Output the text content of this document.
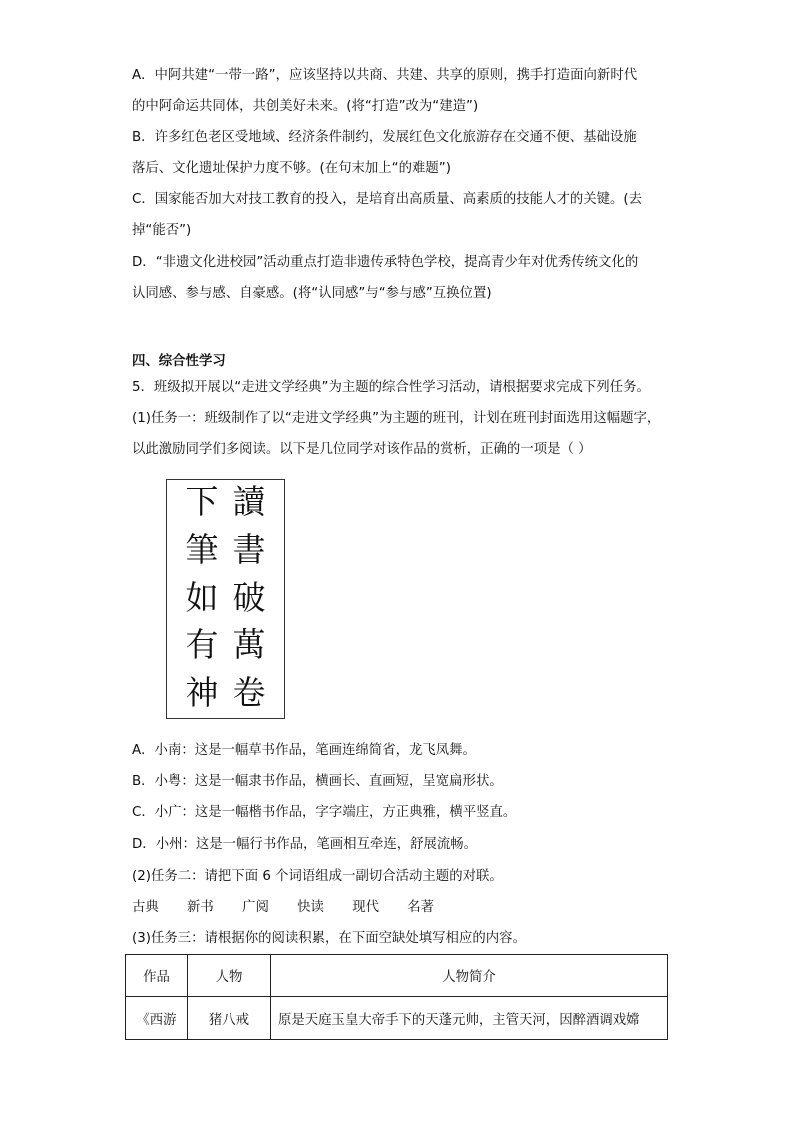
A．中阿共建“一带一路”，应该坚持以共商、共建、共享的原则，携手打造面向新时代
的中阿命运共同体，共创美好未来。(将“打造”改为“建造”)
B．许多红色老区受地域、经济条件制约，发展红色文化旅游存在交通不便、基础设施
落后、文化遗址保护力度不够。(在句末加上“的难题”)
C．国家能否加大对技工教育的投入，是培育出高质量、高素质的技能人才的关键。(去
掉“能否”)
D．“非遗文化进校园”活动重点打造非遗传承特色学校，提高青少年对优秀传统文化的
认同感、参与感、自豪感。(将“认同感”与“参与感”互换位置)
四、综合性学习
5．班级拟开展以“走进文学经典”为主题的综合性学习活动，请根据要求完成下列任务。
(1)任务一：班级制作了以“走进文学经典”为主题的班刊，计划在班刊封面选用这幅题字，
以此激励同学们多阅读。以下是几位同学对该作品的赏析，正确的一项是（ ）
讀
書
破
萬
卷
下
筆
如
有
神
A．小南：这是一幅草书作品，笔画连绵简省，龙飞凤舞。
B．小粤：这是一幅隶书作品，横画长、直画短，呈宽扁形状。
C．小广：这是一幅楷书作品，字字端庄，方正典雅，横平竖直。
D．小州：这是一幅行书作品，笔画相互牵连，舒展流畅。
(2)任务二：请把下面 6 个词语组成一副切合活动主题的对联。
古典 新书 广阅 快读 现代 名著
(3)任务三：请根据你的阅读积累，在下面空缺处填写相应的内容。
作品	人物	人物简介
《西游	猪八戒	原是天庭玉皇大帝手下的天蓬元帅，主管天河，因醉酒调戏嫦
